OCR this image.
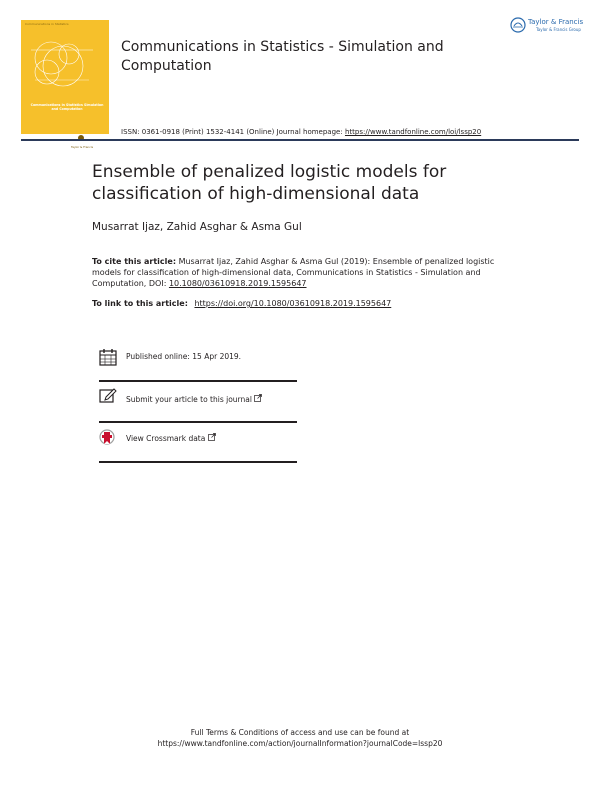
Communications in Statistics
Communications in Statistics Simulation and Computation
Taylor & Francis
Communications in Statistics - Simulation and Computation
ISSN: 0361-0918 (Print) 1532-4141 (Online) Journal homepage: https://www.tandfonline.com/loi/lssp20
Taylor & Francis
Taylor & Francis Group
Ensemble of penalized logistic models for classification of high-dimensional data
Musarrat Ijaz, Zahid Asghar & Asma Gul
To cite this article: Musarrat Ijaz, Zahid Asghar & Asma Gul (2019): Ensemble of penalized logistic models for classification of high-dimensional data, Communications in Statistics - Simulation and Computation, DOI: 10.1080/03610918.2019.1595647
To link to this article: https://doi.org/10.1080/03610918.2019.1595647
Published online: 15 Apr 2019.
Submit your article to this journal
View Crossmark data
Full Terms & Conditions of access and use can be found at
https://www.tandfonline.com/action/journalInformation?journalCode=lssp20
